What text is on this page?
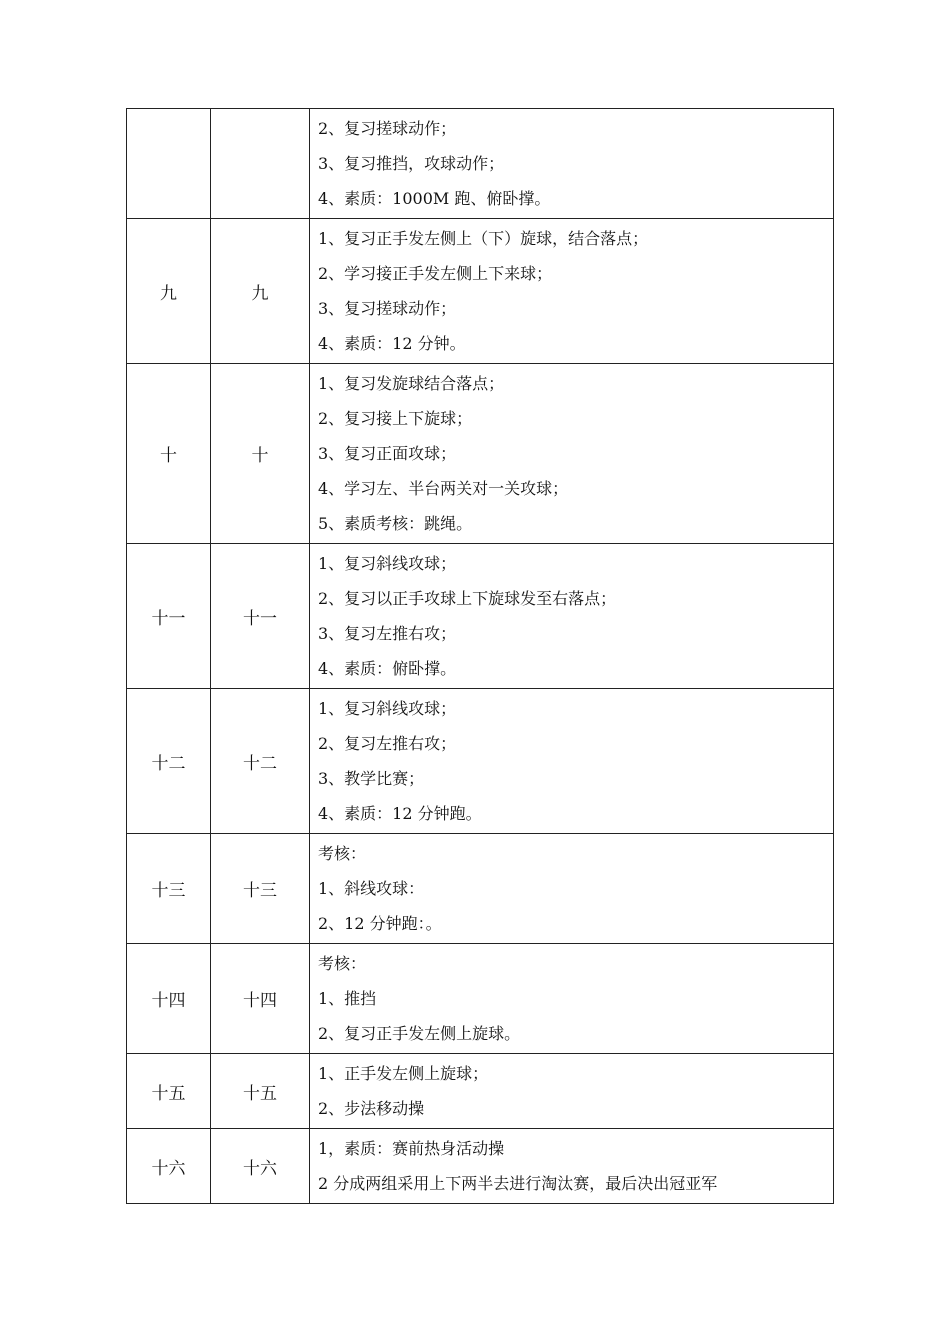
		2、复习搓球动作；
3、复习推挡，攻球动作；
4、素质：1000M 跑、俯卧撑。

九	九	1、复习正手发左侧上（下）旋球，结合落点；
2、学习接正手发左侧上下来球；
3、复习搓球动作；
4、素质：12 分钟。

十	十	1、复习发旋球结合落点；
2、复习接上下旋球；
3、复习正面攻球；
4、学习左、半台两关对一关攻球；
5、素质考核：跳绳。

十一	十一	1、复习斜线攻球；
2、复习以正手攻球上下旋球发至右落点；
3、复习左推右攻；
4、素质：俯卧撑。

十二	十二	1、复习斜线攻球；
2、复习左推右攻；
3、教学比赛；
4、素质：12 分钟跑。

十三	十三	考核：
1、斜线攻球：
2、12 分钟跑：。

十四	十四	考核：
1、推挡
2、复习正手发左侧上旋球。

十五	十五	1、正手发左侧上旋球；
2、步法移动操

十六	十六	1，素质：赛前热身活动操
2 分成两组采用上下两半去进行淘汰赛，最后决出冠亚军
